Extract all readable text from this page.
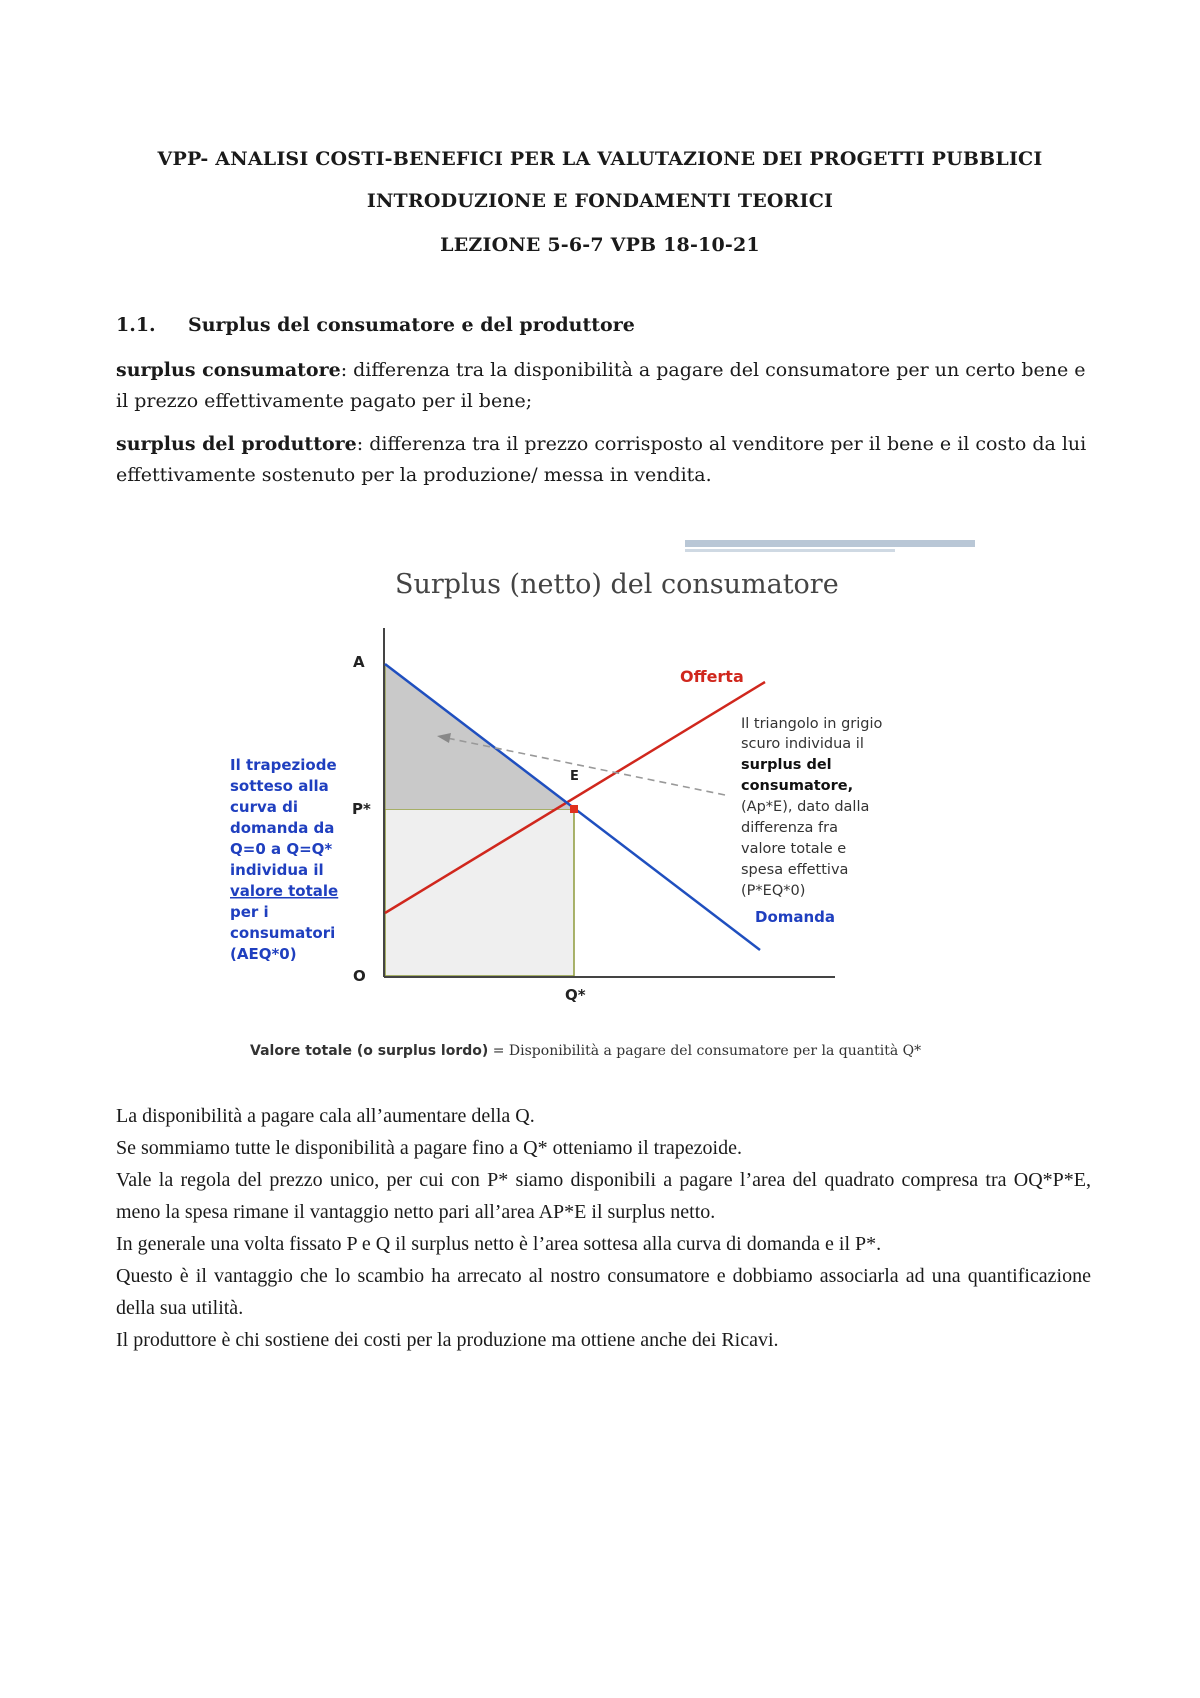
VPP- ANALISI COSTI-BENEFICI PER LA VALUTAZIONE DEI PROGETTI PUBBLICI
INTRODUZIONE E FONDAMENTI TEORICI
LEZIONE 5-6-7 VPB 18-10-21
1.1. Surplus del consumatore e del produttore
surplus consumatore: differenza tra la disponibilità a pagare del consumatore per un certo bene e il prezzo effettivamente pagato per il bene;
surplus del produttore: differenza tra il prezzo corrisposto al venditore per il bene e il costo da lui effettivamente sostenuto per la produzione/ messa in vendita.
Surplus (netto) del consumatore
A
O
P*
Q*
E
Offerta
Domanda
Il trapeziode
sotteso alla
curva di
domanda da
Q=0 a Q=Q*
individua il
valore totale
per i
consumatori
(AEQ*0)
Il triangolo in grigio
scuro individua il
surplus del
consumatore,
(Ap*E), dato dalla
differenza fra
valore totale e
spesa effettiva
(P*EQ*0)
Valore totale (o surplus lordo) = Disponibilità a pagare del consumatore per la quantità Q*

La disponibilità a pagare cala all’aumentare della Q.

Se sommiamo tutte le disponibilità a pagare fino a Q* otteniamo il trapezoide.

Vale la regola del prezzo unico, per cui con P* siamo disponibili a pagare l’area del quadrato compresa tra OQ*P*E, meno la spesa rimane il vantaggio netto pari all’area AP*E il surplus netto.

In generale una volta fissato P e Q il surplus netto è l’area sottesa alla curva di domanda e il P*.

Questo è il vantaggio che lo scambio ha arrecato al nostro consumatore e dobbiamo associarla ad una quantificazione della sua utilità.

Il produttore è chi sostiene dei costi per la produzione ma ottiene anche dei Ricavi.
